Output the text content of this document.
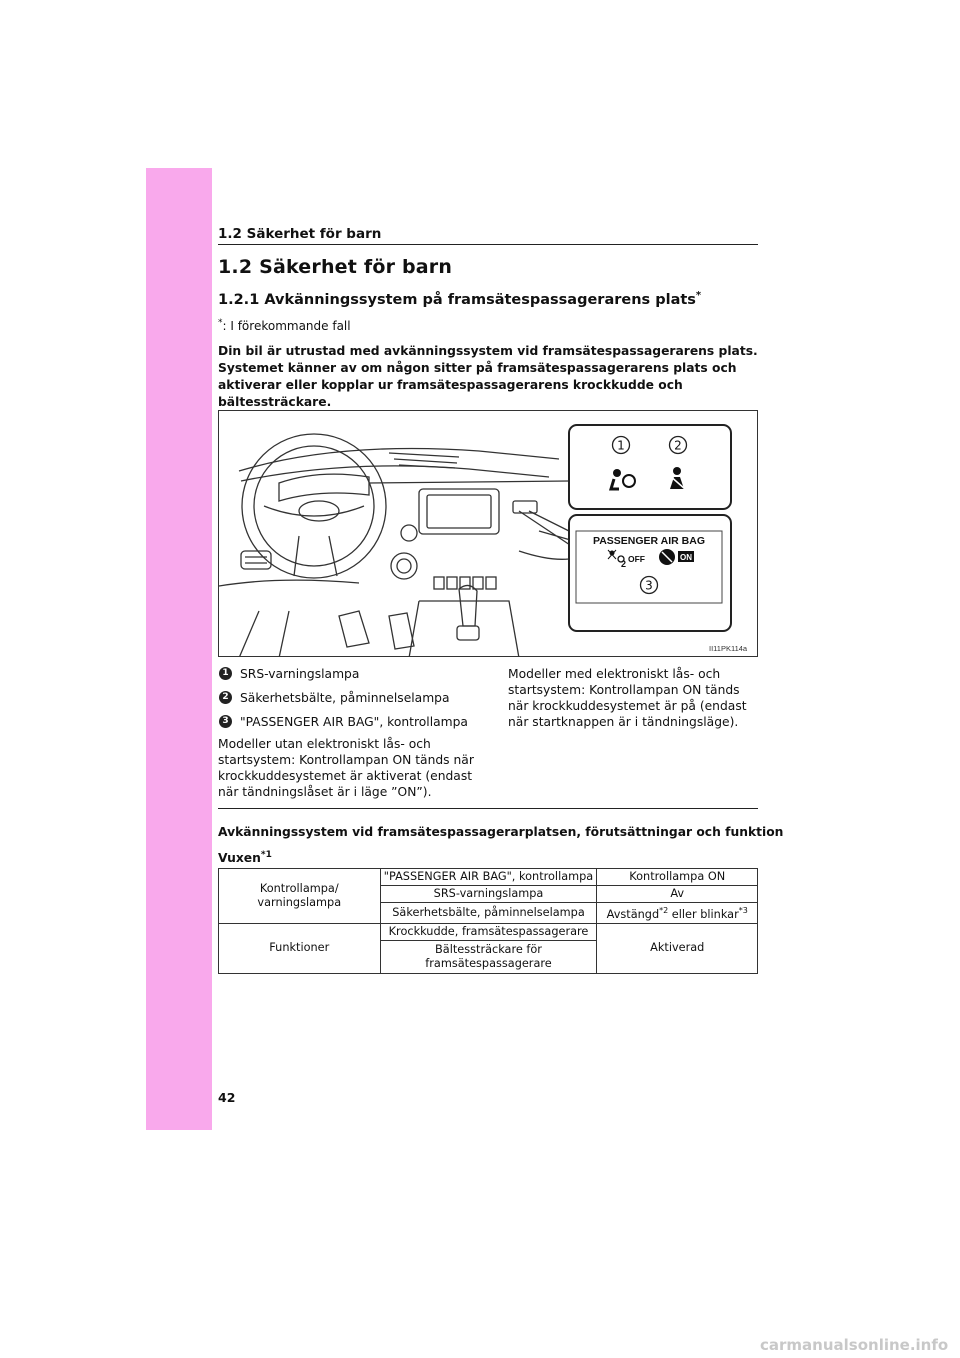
1.2 Säkerhet för barn
1.2 Säkerhet för barn
1.2.1 Avkänningssystem på framsätespassagerarens plats*
*: I förekommande fall
Din bil är utrustad med avkänningssystem vid framsätespassagerarens plats. Systemet känner av om någon sitter på framsätespassagerarens plats och aktiverar eller kopplar ur framsätespassagerarens krockkudde och bältessträckare.
1	2
3
PASSENGER AIR BAG
2 OFF	ON
II11PK114a
1 SRS-varningslampa
2 Säkerhetsbälte, påminnelselampa
3 "PASSENGER AIR BAG", kontrollampa
Modeller utan elektroniskt lås- och startsystem: Kontrollampan ON tänds när krockkuddesystemet är aktiverat (endast när tändningslåset är i läge ”ON”).
Modeller med elektroniskt lås- och startsystem: Kontrollampan ON tänds när krockkuddesystemet är på (endast när startknappen är i tändningsläge).
Avkänningssystem vid framsätespassagerarplatsen, förutsättningar och funktion
Vuxen$^{*1}$
Kontrollampa/ varningslampa	"PASSENGER AIR BAG", kontrollampa	Kontrollampa ON
	SRS-varningslampa	Av
	Säkerhetsbälte, påminnelselampa	Avstängd$^{*2}$ eller blinkar$^{*3}$
Funktioner	Krockkudde, framsätespassagerare	Aktiverad
	Bältessträckare för framsätespassagerare	
42
carmanualsonline.info
